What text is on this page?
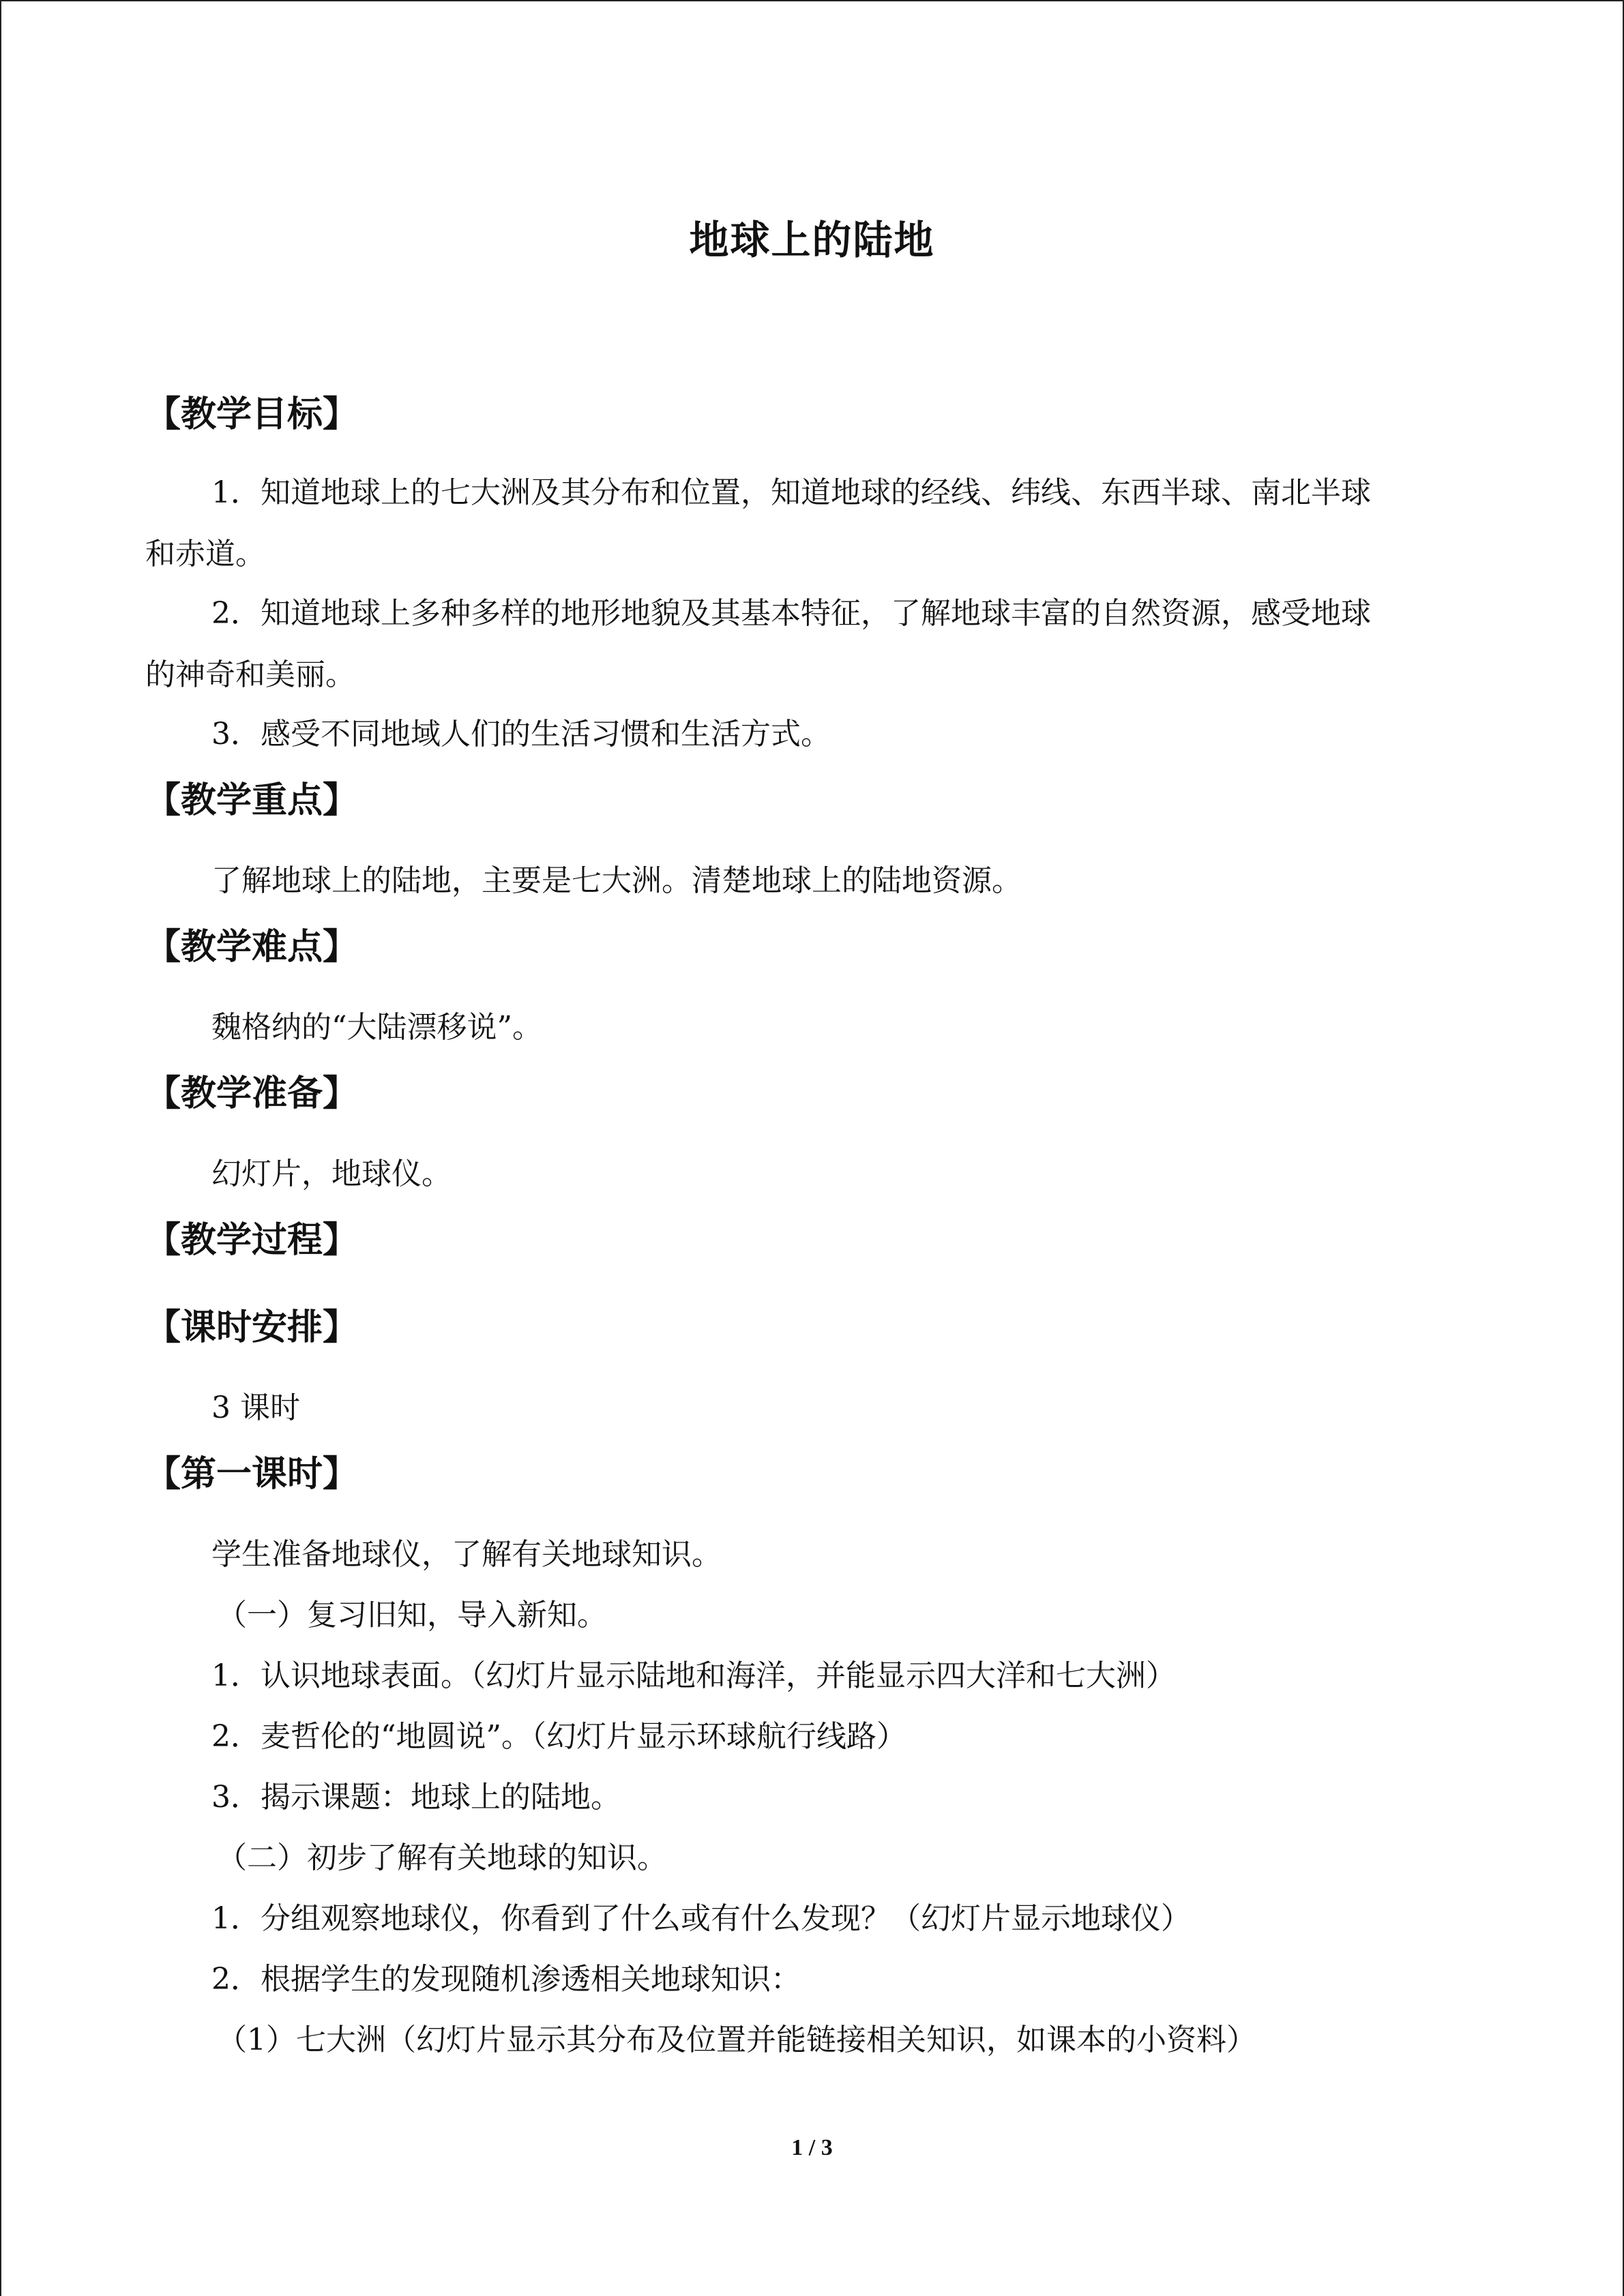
地球上的陆地
【教学目标】
1．知道地球上的七大洲及其分布和位置，知道地球的经线、纬线、东西半球、南北半球
和赤道。
2．知道地球上多种多样的地形地貌及其基本特征，了解地球丰富的自然资源，感受地球
的神奇和美丽。
3．感受不同地域人们的生活习惯和生活方式。
【教学重点】
了解地球上的陆地，主要是七大洲。清楚地球上的陆地资源。
【教学难点】
魏格纳的“大陆漂移说”。
【教学准备】
幻灯片，地球仪。
【教学过程】
【课时安排】
3 课时
【第一课时】
学生准备地球仪，了解有关地球知识。
（一）复习旧知，导入新知。
1．认识地球表面。（幻灯片显示陆地和海洋，并能显示四大洋和七大洲）
2．麦哲伦的“地圆说”。（幻灯片显示环球航行线路）
3．揭示课题：地球上的陆地。
（二）初步了解有关地球的知识。
1．分组观察地球仪，你看到了什么或有什么发现？（幻灯片显示地球仪）
2．根据学生的发现随机渗透相关地球知识：
（1）七大洲（幻灯片显示其分布及位置并能链接相关知识，如课本的小资料）
1 / 3
